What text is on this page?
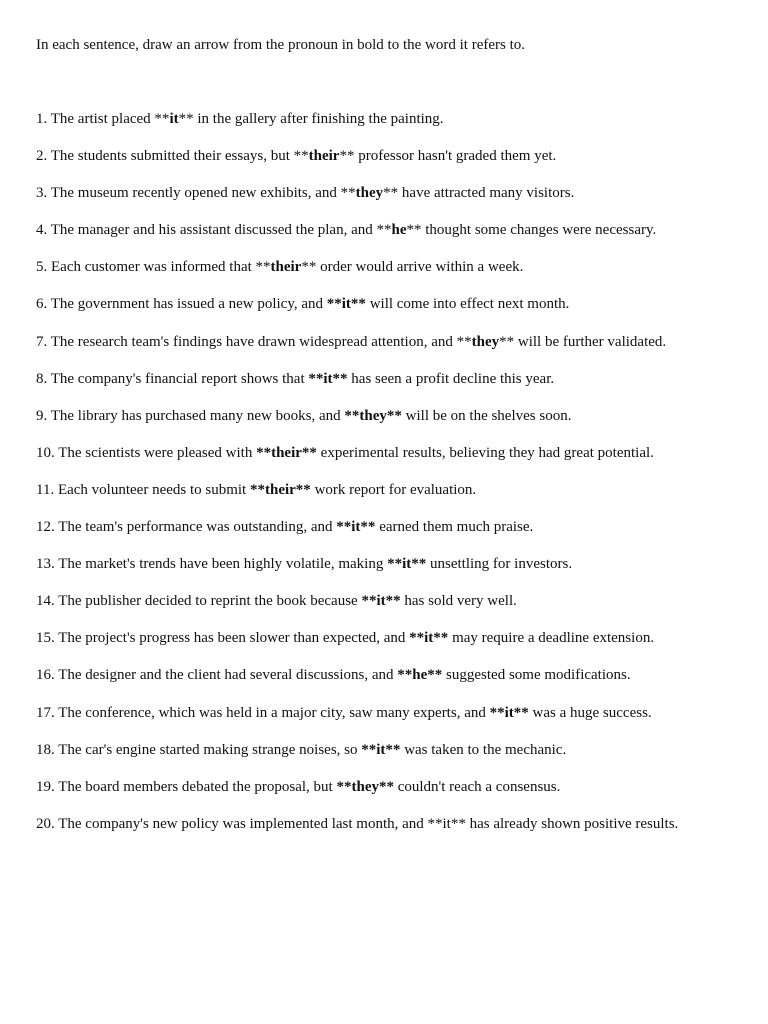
In each sentence, draw an arrow from the pronoun in bold to the word it refers to.

1. The artist placed **it** in the gallery after finishing the painting.

2. The students submitted their essays, but **their** professor hasn't graded them yet.

3. The museum recently opened new exhibits, and **they** have attracted many visitors.

4. The manager and his assistant discussed the plan, and **he** thought some changes were necessary.

5. Each customer was informed that **their** order would arrive within a week.

6. The government has issued a new policy, and **it** will come into effect next month.

7. The research team's findings have drawn widespread attention, and **they** will be further validated.

8. The company's financial report shows that **it** has seen a profit decline this year.

9. The library has purchased many new books, and **they** will be on the shelves soon.

10. The scientists were pleased with **their** experimental results, believing they had great potential.

11. Each volunteer needs to submit **their** work report for evaluation.

12. The team's performance was outstanding, and **it** earned them much praise.

13. The market's trends have been highly volatile, making **it** unsettling for investors.

14. The publisher decided to reprint the book because **it** has sold very well.

15. The project's progress has been slower than expected, and **it** may require a deadline extension.

16. The designer and the client had several discussions, and **he** suggested some modifications.

17. The conference, which was held in a major city, saw many experts, and **it** was a huge success.

18. The car's engine started making strange noises, so **it** was taken to the mechanic.

19. The board members debated the proposal, but **they** couldn't reach a consensus.

20. The company's new policy was implemented last month, and **it** has already shown positive results.
